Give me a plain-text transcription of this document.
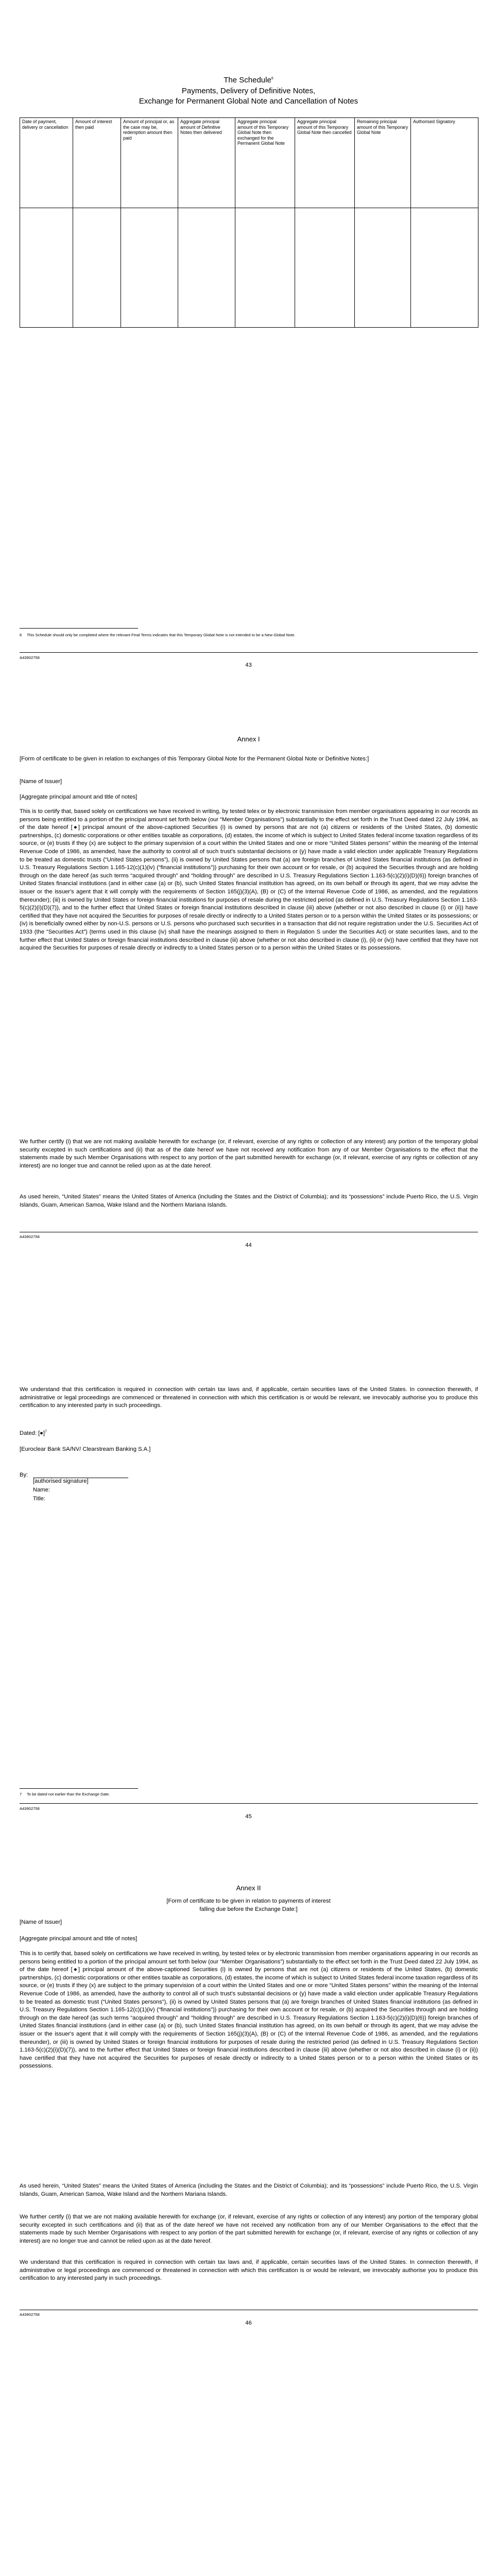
The Schedule$^6$
Payments, Delivery of Definitive Notes,
Exchange for Permanent Global Note and Cancellation of Notes
Date of payment, delivery or cancellation	Amount of interest then paid	Amount of principal or, as the case may be, redemption amount then paid	Aggregate principal amount of Definitive Notes then delivered	Aggregate principal amount of this Temporary Global Note then exchanged for the Permanent Global Note	Aggregate principal amount of this Temporary Global Note then cancelled	Remaining principal amount of this Temporary Global Note	Authorised Signatory

6	This Schedule should only be completed where the relevant Final Terms indicates that this Temporary Global Note is not intended to be a New Global Note.
A43902758
43
Annex I
[Form of certificate to be given in relation to exchanges of this Temporary Global Note for the Permanent Global Note or Definitive Notes:]
[Name of Issuer]
[Aggregate principal amount and title of notes]
This is to certify that, based solely on certifications we have received in writing, by tested telex or by electronic transmission from member organisations appearing in our records as persons being entitled to a portion of the principal amount set forth below (our “Member Organisations”) substantially to the effect set forth in the Trust Deed dated 22 July 1994, as of the date hereof [●] principal amount of the above-captioned Securities (i) is owned by persons that are not (a) citizens or residents of the United States, (b) domestic partnerships, (c) domestic corporations or other entities taxable as corporations, (d) estates, the income of which is subject to United States federal income taxation regardless of its source, or (e) trusts if they (x) are subject to the primary supervision of a court within the United States and one or more “United States persons” within the meaning of the Internal Revenue Code of 1986, as amended, have the authority to control all of such trust's substantial decisions or (y) have made a valid election under applicable Treasury Regulations to be treated as domestic trusts (“United States persons”), (ii) is owned by United States persons that (a) are foreign branches of United States financial institutions (as defined in U.S. Treasury Regulations Section 1.165-12(c)(1)(iv) (“financial institutions”)) purchasing for their own account or for resale, or (b) acquired the Securities through and are holding through on the date hereof (as such terms “acquired through” and “holding through” are described in U.S. Treasury Regulations Section 1.163-5(c)(2)(i)(D)(6)) foreign branches of United States financial institutions (and in either case (a) or (b), such United States financial institution has agreed, on its own behalf or through its agent, that we may advise the issuer or the issuer's agent that it will comply with the requirements of Section 165(j)(3)(A), (B) or (C) of the Internal Revenue Code of 1986, as amended, and the regulations thereunder); (iii) is owned by United States or foreign financial institutions for purposes of resale during the restricted period (as defined in U.S. Treasury Regulations Section 1.163-5(c)(2)(i)(D)(7)), and to the further effect that United States or foreign financial institutions described in clause (iii) above (whether or not also described in clause (i) or (ii)) have certified that they have not acquired the Securities for purposes of resale directly or indirectly to a United States person or to a person within the United States or its possessions; or (iv) is beneficially owned either by non-U.S. persons or U.S. persons who purchased such securities in a transaction that did not require registration under the U.S. Securities Act of 1933 (the “Securities Act”) (terms used in this clause (iv) shall have the meanings assigned to them in Regulation S under the Securities Act) or state securities laws, and to the further effect that United States or foreign financial institutions described in clause (iii) above (whether or not also described in clause (i), (ii) or (iv)) have certified that they have not acquired the Securities for purposes of resale directly or indirectly to a United States person or to a person within the United States or its possessions.
We further certify (i) that we are not making available herewith for exchange (or, if relevant, exercise of any rights or collection of any interest) any portion of the temporary global security excepted in such certifications and (ii) that as of the date hereof we have not received any notification from any of our Member Organisations to the effect that the statements made by such Member Organisations with respect to any portion of the part submitted herewith for exchange (or, if relevant, exercise of any rights or collection of any interest) are no longer true and cannot be relied upon as at the date hereof.
As used herein, “United States” means the United States of America (including the States and the District of Columbia); and its “possessions” include Puerto Rico, the U.S. Virgin Islands, Guam, American Samoa, Wake Island and the Northern Mariana Islands.
A43902758
44
We understand that this certification is required in connection with certain tax laws and, if applicable, certain securities laws of the United States. In connection therewith, if administrative or legal proceedings are commenced or threatened in connection with which this certification is or would be relevant, we irrevocably authorise you to produce this certification to any interested party in such proceedings.
Dated: [●]$^7$
[Euroclear Bank SA/NV/ Clearstream Banking S.A.]
By:
[authorised signature]
Name:
Title:
7	To be dated not earlier than the Exchange Date.
A43902758
45
Annex II
[Form of certificate to be given in relation to payments of interest
falling due before the Exchange Date:]
[Name of Issuer]
[Aggregate principal amount and title of notes]
This is to certify that, based solely on certifications we have received in writing, by tested telex or by electronic transmission from member organisations appearing in our records as persons being entitled to a portion of the principal amount set forth below (our “Member Organisations”) substantially to the effect set forth in the Trust Deed dated 22 July 1994, as of the date hereof [●] principal amount of the above-captioned Securities (i) is owned by persons that are not (a) citizens or residents of the United States, (b) domestic partnerships, (c) domestic corporations or other entities taxable as corporations, (d) estates, the income of which is subject to United States federal income taxation regardless of its source, or (e) trusts if they (x) are subject to the primary supervision of a court within the United States and one or more “United States persons” within the meaning of the Internal Revenue Code of 1986, as amended, have the authority to control all of such trust's substantial decisions or (y) have made a valid election under applicable Treasury Regulations to be treated as domestic trust (“United States persons”), (ii) is owned by United States persons that (a) are foreign branches of United States financial institutions (as defined in U.S. Treasury Regulations Section 1.165-12(c)(1)(iv) (“financial institutions”)) purchasing for their own account or for resale, or (b) acquired the Securities through and are holding through on the date hereof (as such terms “acquired through” and “holding through” are described in U.S. Treasury Regulations Section 1.163-5(c)(2)(i)(D)(6)) foreign branches of United States financial institutions (and in either case (a) or (b), such United States financial institution has agreed, on its own behalf or through its agent, that we may advise the issuer or the issuer's agent that it will comply with the requirements of Section 165(j)(3)(A), (B) or (C) of the Internal Revenue Code of 1986, as amended, and the regulations thereunder), or (iii) is owned by United States or foreign financial institutions for purposes of resale during the restricted period (as defined in U.S. Treasury Regulations Section 1.163-5(c)(2)(i)(D)(7)), and to the further effect that United States or foreign financial institutions described in clause (iii) above (whether or not also described in clause (i) or (ii)) have certified that they have not acquired the Securities for purposes of resale directly or indirectly to a United States person or to a person within the United States or its possessions.
As used herein, “United States” means the United States of America (including the States and the District of Columbia); and its “possessions” include Puerto Rico, the U.S. Virgin Islands, Guam, American Samoa, Wake Island and the Northern Mariana Islands.
We further certify (i) that we are not making available herewith for exchange (or, if relevant, exercise of any rights or collection of any interest) any portion of the temporary global security excepted in such certifications and (ii) that as of the date hereof we have not received any notification from any of our Member Organisations to the effect that the statements made by such Member Organisations with respect to any portion of the part submitted herewith for exchange (or, if relevant, exercise of any rights or collection of any interest) are no longer true and cannot be relied upon as at the date hereof.
We understand that this certification is required in connection with certain tax laws and, if applicable, certain securities laws of the United States. In connection therewith, if administrative or legal proceedings are commenced or threatened in connection with which this certification is or would be relevant, we irrevocably authorise you to produce this certification to any interested party in such proceedings.
A43902758
46
